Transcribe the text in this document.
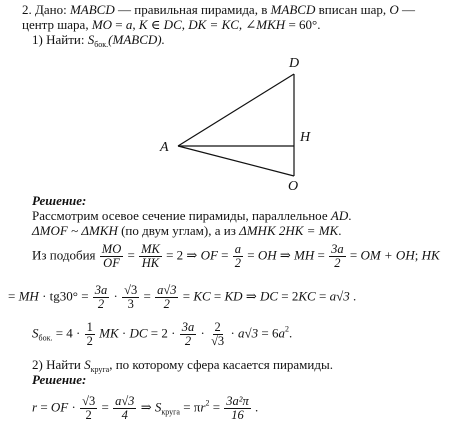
2. Дано: MABCD — правильная пирамида, в MABCD вписан шар, O —
центр шара, MO = a, K ∈ DC, DK = KC, ∠MKH = 60°.
1) Найти: $S_{бок.}(MABCD)$.
A
D
H
O
Решение:
Рассмотрим осевое сечение пирамиды, параллельное AD.
ΔMOF ~ ΔMKH (по двум углам), а из ΔMHK 2HK = MK.
Из подобия $\frac{MO}{OF} = \frac{MK}{HK} = 2$ ⇒ OF = $\frac{a}{2}$ = OH ⇒ MH = $\frac{3a}{2}$ = OM + OH; HK
= MH · $tg30^\circ = \frac{3a}{2} \cdot \frac{√3}{3} = \frac{a√3}{2}$ = KC = KD ⇒ DC = 2KC = a√3 .
$S_{бок.} = 4 \cdot \frac{1}{2}$ MK · DC = $2 \cdot \frac{3a}{2} \cdot \frac{2}{√3} \cdot a√3 = 6a^2$.
2) Найти $S_{круга}$, по которому сфера касается пирамиды.
Решение:
r = OF · $\frac{√3}{2} = \frac{a√3}{4}$ ⇒ $S_{круга} = \pi r^2 = \frac{\text{3a²π}}{16}$ .
